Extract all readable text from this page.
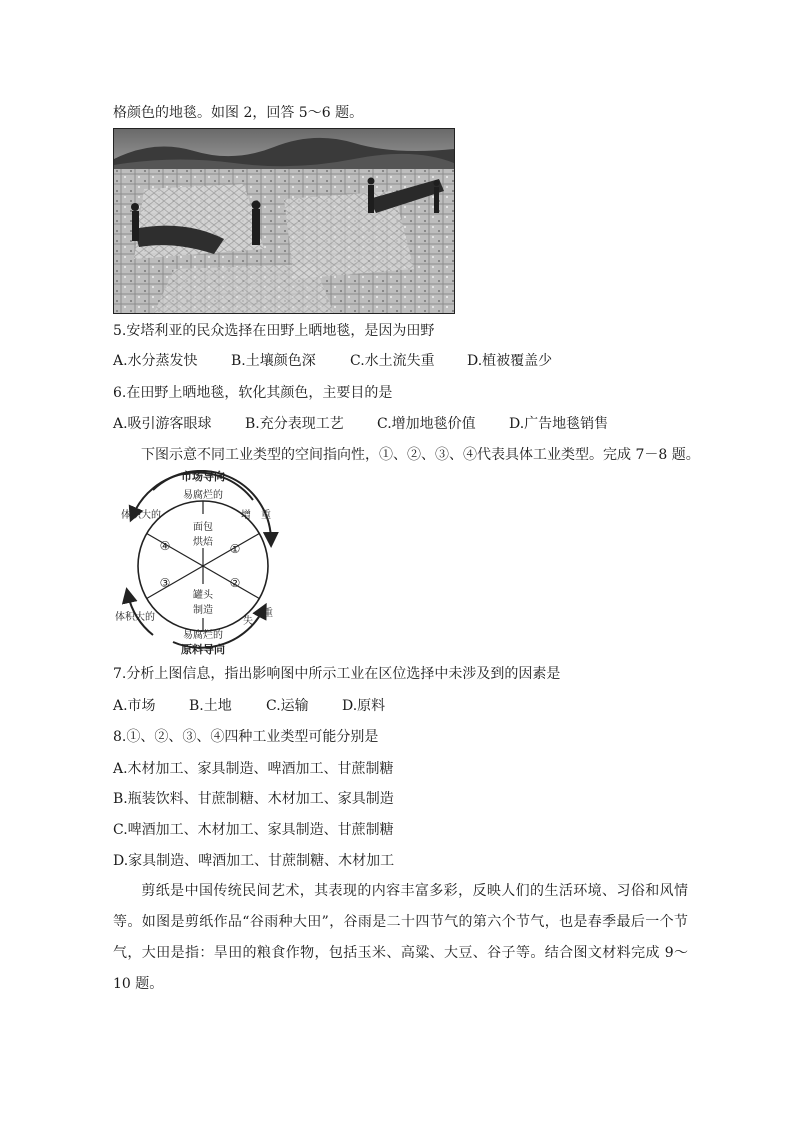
格颜色的地毯。如图 2，回答 5～6 题。
5.安塔利亚的民众选择在田野上晒地毯，是因为田野
A.水分蒸发快 B.土壤颜色深 C.水土流失重 D.植被覆盖少
6.在田野上晒地毯，软化其颜色，主要目的是
A.吸引游客眼球 B.充分表现工艺 C.增加地毯价值 D.广告地毯销售
下图示意不同工业类型的空间指向性，①、②、③、④代表具体工业类型。完成 7－8 题。
市场导向
易腐烂的
体积大的
体积大的
增 重
失
重
易腐烂的
原料导向
④	①
③	②
面包
烘焙
罐头
制造
7.分析上图信息，指出影响图中所示工业在区位选择中未涉及到的因素是
A.市场 B.土地 C.运输 D.原料
8.①、②、③、④四种工业类型可能分别是
A.木材加工、家具制造、啤酒加工、甘蔗制糖
B.瓶装饮料、甘蔗制糖、木材加工、家具制造
C.啤酒加工、木材加工、家具制造、甘蔗制糖
D.家具制造、啤酒加工、甘蔗制糖、木材加工
剪纸是中国传统民间艺术，其表现的内容丰富多彩，反映人们的生活环境、习俗和风情等。如图是剪纸作品“谷雨种大田”，谷雨是二十四节气的第六个节气，也是春季最后一个节气，大田是指：旱田的粮食作物，包括玉米、高粱、大豆、谷子等。结合图文材料完成 9～10 题。
